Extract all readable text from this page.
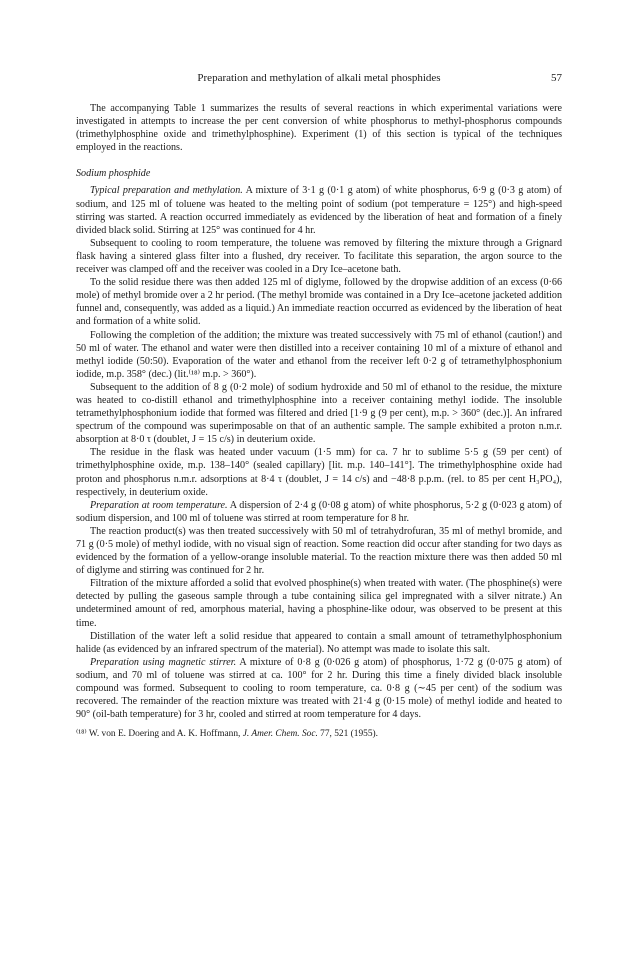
Preparation and methylation of alkali metal phosphides	57

The accompanying Table 1 summarizes the results of several reactions in which experimental variations were investigated in attempts to increase the per cent conversion of white phosphorus to methyl-phosphorus compounds (trimethylphosphine oxide and trimethylphosphine). Experiment (1) of this section is typical of the techniques employed in the reactions.

Sodium phosphide

Typical preparation and methylation. A mixture of 3·1 g (0·1 g atom) of white phosphorus, 6·9 g (0·3 g atom) of sodium, and 125 ml of toluene was heated to the melting point of sodium (pot temperature = 125°) and high-speed stirring was started. A reaction occurred immediately as evidenced by the liberation of heat and formation of a finely divided black solid. Stirring at 125° was continued for 4 hr.

Subsequent to cooling to room temperature, the toluene was removed by filtering the mixture through a Grignard flask having a sintered glass filter into a flushed, dry receiver. To facilitate this separation, the argon source to the receiver was clamped off and the receiver was cooled in a Dry Ice–acetone bath.

To the solid residue there was then added 125 ml of diglyme, followed by the dropwise addition of an excess (0·66 mole) of methyl bromide over a 2 hr period. (The methyl bromide was contained in a Dry Ice–acetone jacketed addition funnel and, consequently, was added as a liquid.) An immediate reaction occurred as evidenced by the liberation of heat and formation of a white solid.

Following the completion of the addition; the mixture was treated successively with 75 ml of ethanol (caution!) and 50 ml of water. The ethanol and water were then distilled into a receiver containing 10 ml of a mixture of ethanol and methyl iodide (50:50). Evaporation of the water and ethanol from the receiver left 0·2 g of tetramethylphosphonium iodide, m.p. 358° (dec.) (lit.⁽¹⁸⁾ m.p. > 360°).

Subsequent to the addition of 8 g (0·2 mole) of sodium hydroxide and 50 ml of ethanol to the residue, the mixture was heated to co-distill ethanol and trimethylphosphine into a receiver containing methyl iodide. The insoluble tetramethylphosphonium iodide that formed was filtered and dried [1·9 g (9 per cent), m.p. > 360° (dec.)]. An infrared spectrum of the compound was superimposable on that of an authentic sample. The sample exhibited a proton n.m.r. absorption at 8·0 τ (doublet, J = 15 c/s) in deuterium oxide.

The residue in the flask was heated under vacuum (1·5 mm) for ca. 7 hr to sublime 5·5 g (59 per cent) of trimethylphosphine oxide, m.p. 138–140° (sealed capillary) [lit. m.p. 140–141°]. The trimethylphosphine oxide had proton and phosphorus n.m.r. adsorptions at 8·4 τ (doublet, J = 14 c/s) and −48·8 p.p.m. (rel. to 85 per cent H₃PO₄), respectively, in deuterium oxide.

Preparation at room temperature. A dispersion of 2·4 g (0·08 g atom) of white phosphorus, 5·2 g (0·023 g atom) of sodium dispersion, and 100 ml of toluene was stirred at room temperature for 8 hr.

The reaction product(s) was then treated successively with 50 ml of tetrahydrofuran, 35 ml of methyl bromide, and 71 g (0·5 mole) of methyl iodide, with no visual sign of reaction. Some reaction did occur after standing for two days as evidenced by the formation of a yellow-orange insoluble material. To the reaction mixture there was then added 50 ml of diglyme and stirring was continued for 2 hr.

Filtration of the mixture afforded a solid that evolved phosphine(s) when treated with water. (The phosphine(s) were detected by pulling the gaseous sample through a tube containing silica gel impregnated with a silver nitrate.) An undetermined amount of red, amorphous material, having a phosphine-like odour, was observed to be present at this time.

Distillation of the water left a solid residue that appeared to contain a small amount of tetramethylphosphonium halide (as evidenced by an infrared spectrum of the material). No attempt was made to isolate this salt.

Preparation using magnetic stirrer. A mixture of 0·8 g (0·026 g atom) of phosphorus, 1·72 g (0·075 g atom) of sodium, and 70 ml of toluene was stirred at ca. 100° for 2 hr. During this time a finely divided black insoluble compound was formed. Subsequent to cooling to room temperature, ca. 0·8 g (∼45 per cent) of the sodium was recovered. The remainder of the reaction mixture was treated with 21·4 g (0·15 mole) of methyl iodide and heated to 90° (oil-bath temperature) for 3 hr, cooled and stirred at room temperature for 4 days.

⁽¹⁸⁾ W. von E. Doering and A. K. Hoffmann, J. Amer. Chem. Soc. 77, 521 (1955).
